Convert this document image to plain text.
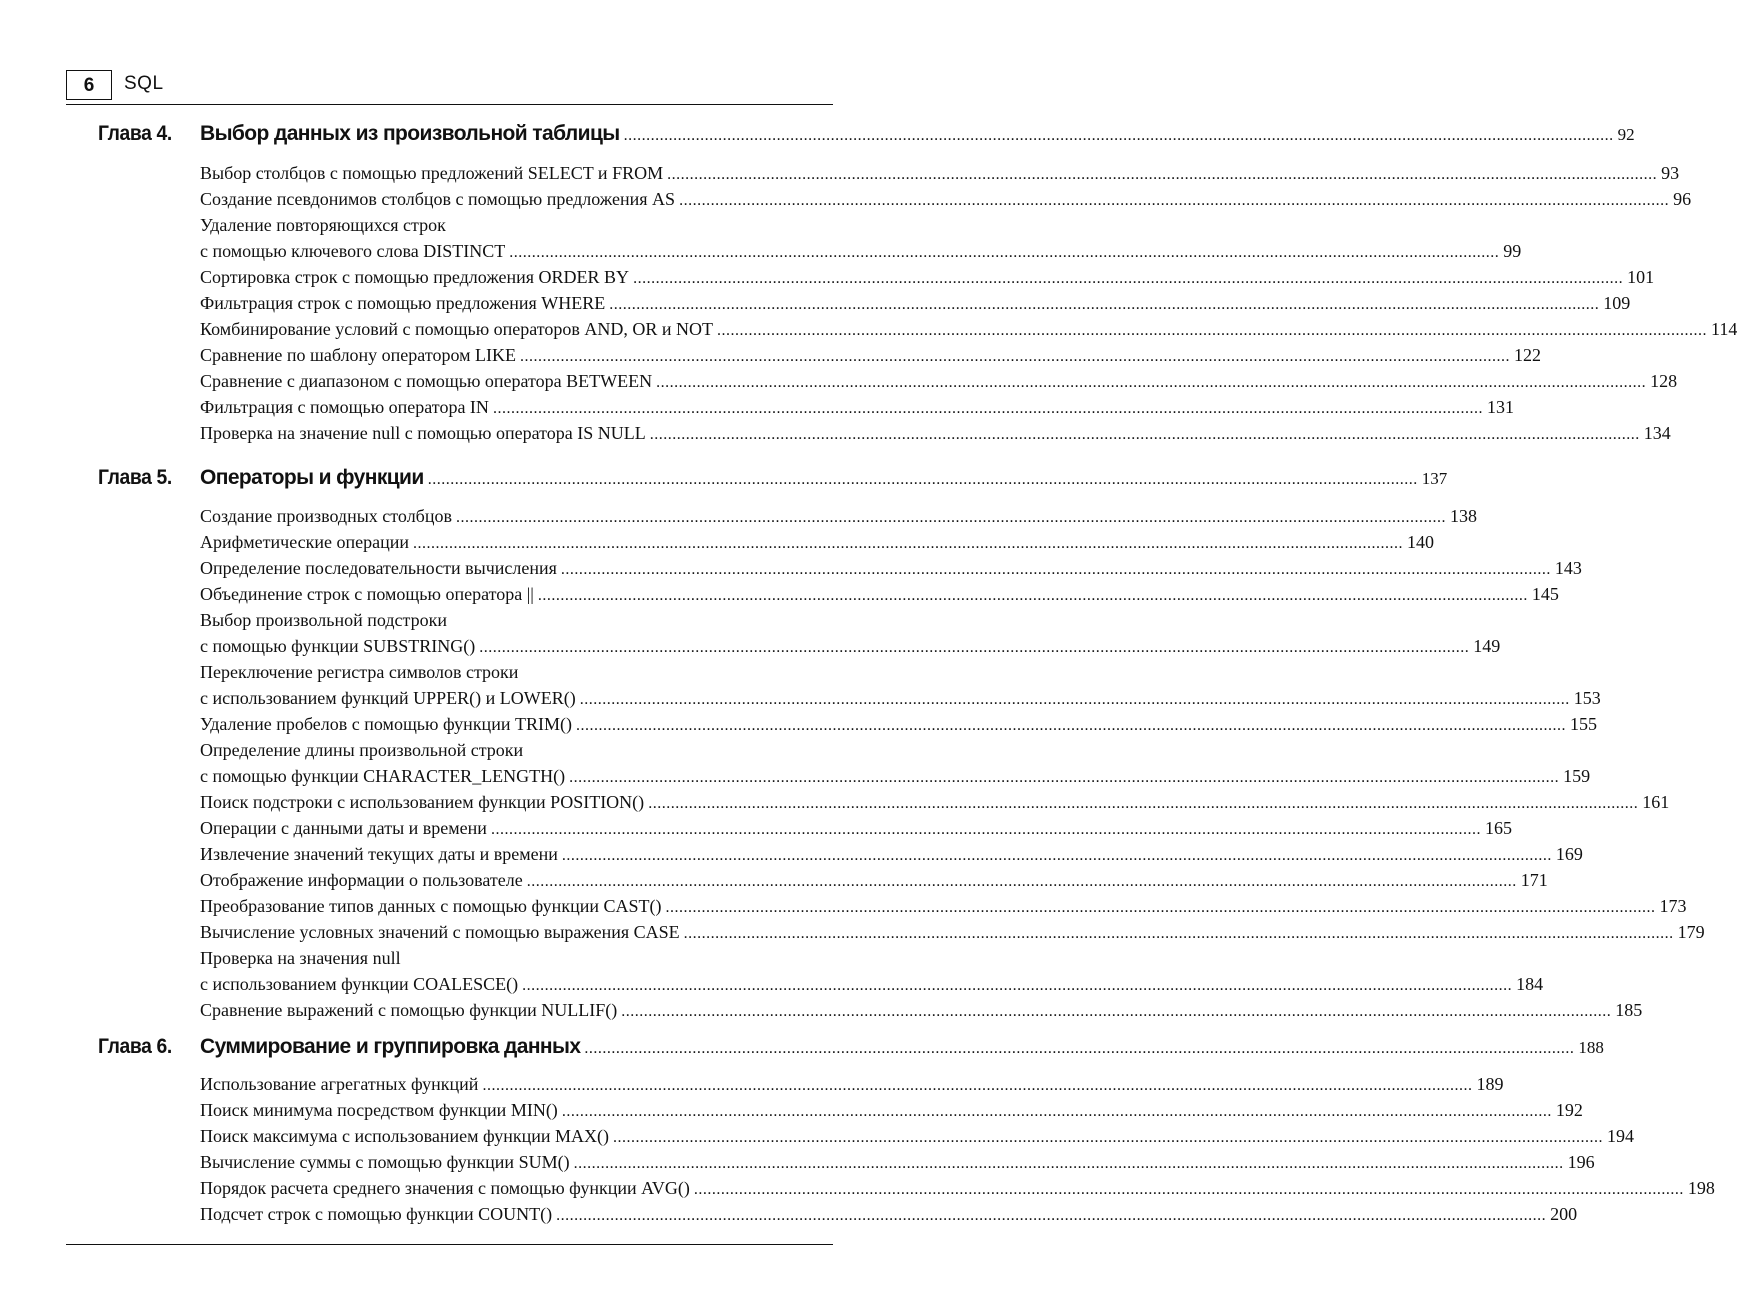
6	SQL
Глава 4. Выбор данных из произвольной таблицы ............................................................................................................................................................................................................................ 92
Выбор столбцов с помощью предложений SELECT и FROM ............................................................................................................................................................................................................................ 93
Создание псевдонимов столбцов с помощью предложения AS ............................................................................................................................................................................................................................ 96
Удаление повторяющихся строк
с помощью ключевого слова DISTINCT ............................................................................................................................................................................................................................ 99
Сортировка строк с помощью предложения ORDER BY ............................................................................................................................................................................................................................ 101
Фильтрация строк с помощью предложения WHERE ............................................................................................................................................................................................................................ 109
Комбинирование условий с помощью операторов AND, OR и NOT ............................................................................................................................................................................................................................ 114
Сравнение по шаблону оператором LIKE ............................................................................................................................................................................................................................ 122
Сравнение с диапазоном с помощью оператора BETWEEN ............................................................................................................................................................................................................................ 128
Фильтрация с помощью оператора IN ............................................................................................................................................................................................................................ 131
Проверка на значение null с помощью оператора IS NULL ............................................................................................................................................................................................................................ 134
Глава 5. Операторы и функции ............................................................................................................................................................................................................................ 137
Создание производных столбцов ............................................................................................................................................................................................................................ 138
Арифметические операции ............................................................................................................................................................................................................................ 140
Определение последовательности вычисления ............................................................................................................................................................................................................................ 143
Объединение строк с помощью оператора || ............................................................................................................................................................................................................................ 145
Выбор произвольной подстроки
с помощью функции SUBSTRING() ............................................................................................................................................................................................................................ 149
Переключение регистра символов строки
с использованием функций UPPER() и LOWER() ............................................................................................................................................................................................................................ 153
Удаление пробелов с помощью функции TRIM() ............................................................................................................................................................................................................................ 155
Определение длины произвольной строки
с помощью функции CHARACTER_LENGTH() ............................................................................................................................................................................................................................ 159
Поиск подстроки с использованием функции POSITION() ............................................................................................................................................................................................................................ 161
Операции с данными даты и времени ............................................................................................................................................................................................................................ 165
Извлечение значений текущих даты и времени ............................................................................................................................................................................................................................ 169
Отображение информации о пользователе ............................................................................................................................................................................................................................ 171
Преобразование типов данных с помощью функции CAST() ............................................................................................................................................................................................................................ 173
Вычисление условных значений с помощью выражения CASE ............................................................................................................................................................................................................................ 179
Проверка на значения null
с использованием функции COALESCE() ............................................................................................................................................................................................................................ 184
Сравнение выражений с помощью функции NULLIF() ............................................................................................................................................................................................................................ 185
Глава 6. Суммирование и группировка данных ............................................................................................................................................................................................................................ 188
Использование агрегатных функций ............................................................................................................................................................................................................................ 189
Поиск минимума посредством функции MIN() ............................................................................................................................................................................................................................ 192
Поиск максимума с использованием функции MAX() ............................................................................................................................................................................................................................ 194
Вычисление суммы с помощью функции SUM() ............................................................................................................................................................................................................................ 196
Порядок расчета среднего значения с помощью функции AVG() ............................................................................................................................................................................................................................ 198
Подсчет строк с помощью функции COUNT() ............................................................................................................................................................................................................................ 200
